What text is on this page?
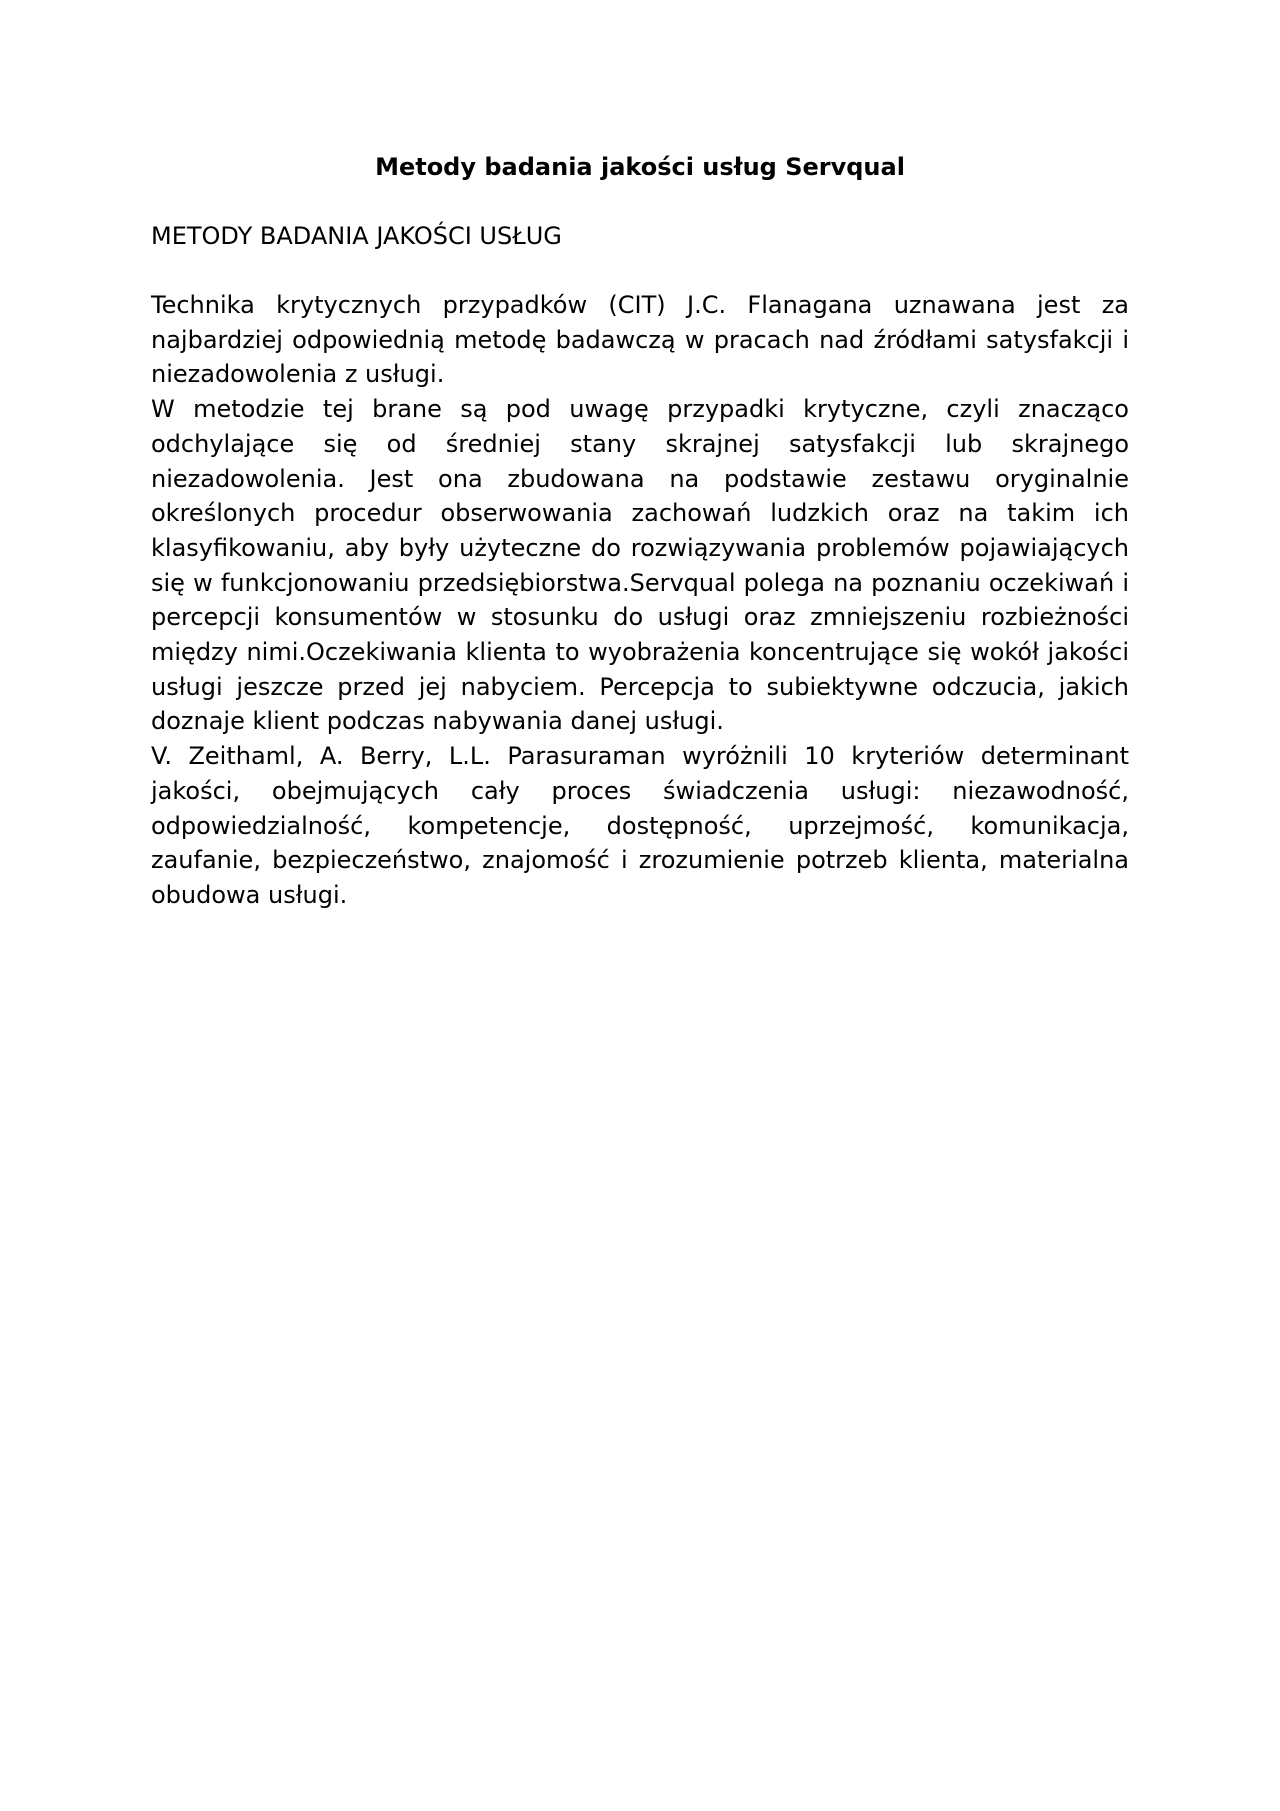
Metody badania jakości usług Servqual
METODY BADANIA JAKOŚCI USŁUG

Technika krytycznych przypadków (CIT) J.C. Flanagana uznawana jest za najbardziej odpowiednią metodę badawczą w pracach nad źródłami satysfakcji i niezadowolenia z usługi.

W metodzie tej brane są pod uwagę przypadki krytyczne, czyli znacząco odchylające się od średniej stany skrajnej satysfakcji lub skrajnego niezadowolenia. Jest ona zbudowana na podstawie zestawu oryginalnie określonych procedur obserwowania zachowań ludzkich oraz na takim ich klasyfikowaniu, aby były użyteczne do rozwiązywania problemów pojawiających się w funkcjonowaniu przedsiębiorstwa.Servqual polega na poznaniu oczekiwań i percepcji konsumentów w stosunku do usługi oraz zmniejszeniu rozbieżności między nimi.Oczekiwania klienta to wyobrażenia koncentrujące się wokół jakości usługi jeszcze przed jej nabyciem. Percepcja to subiektywne odczucia, jakich doznaje klient podczas nabywania danej usługi.

V. Zeithaml, A. Berry, L.L. Parasuraman wyróżnili 10 kryteriów determinant jakości, obejmujących cały proces świadczenia usługi: niezawodność, odpowiedzialność, kompetencje, dostępność, uprzejmość, komunikacja, zaufanie, bezpieczeństwo, znajomość i zrozumienie potrzeb klienta, materialna obudowa usługi.
